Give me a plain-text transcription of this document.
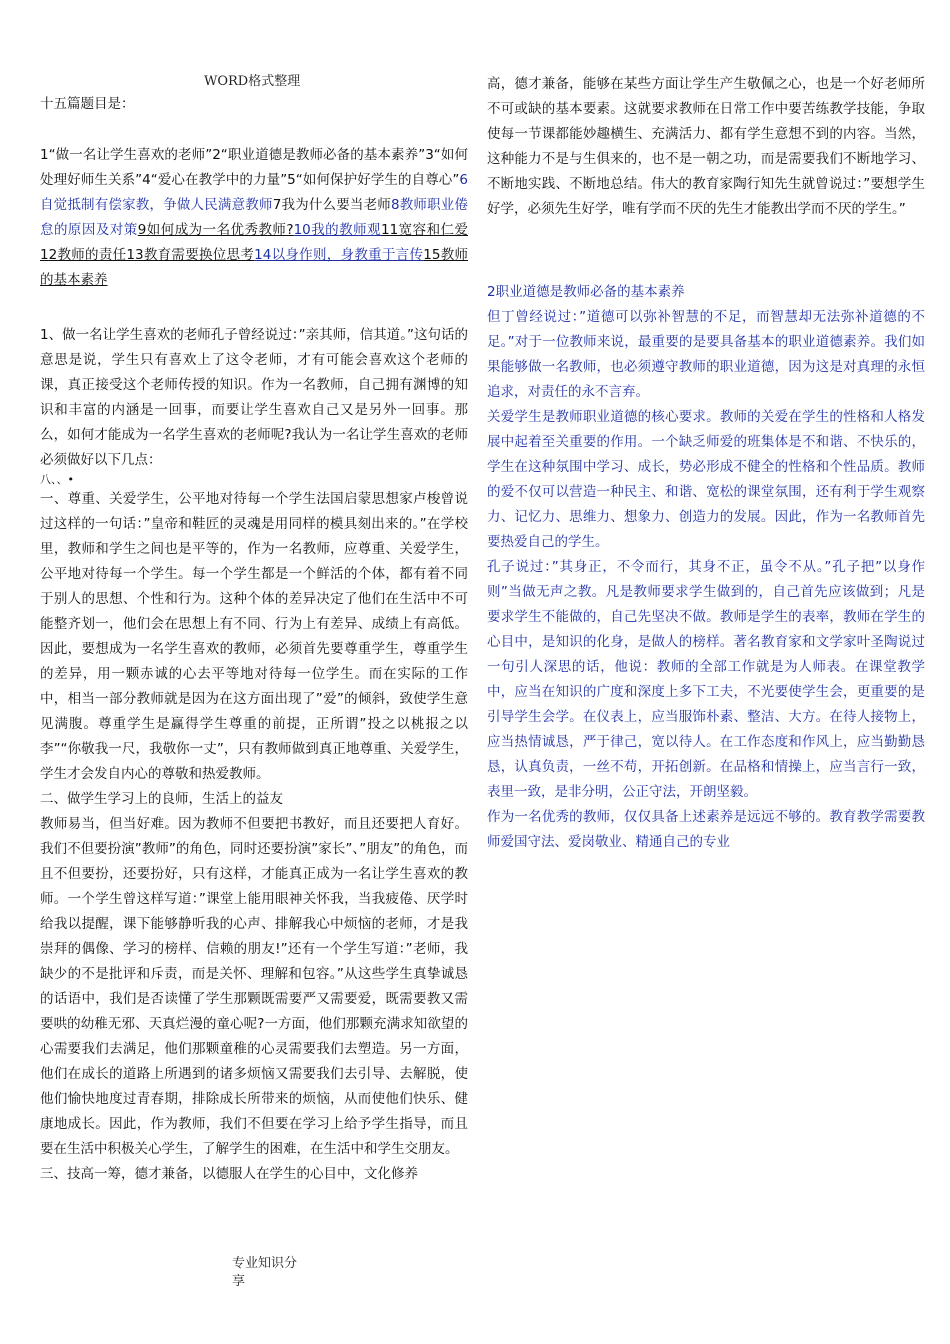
WORD格式整理

十五篇题目是：

1“做一名让学生喜欢的老师”2“职业道德是教师必备的基本素养”3“如何处理好师生关系”4“爱心在教学中的力量”5“如何保护好学生的自尊心”6自觉抵制有偿家教，争做人民满意教师7我为什么要当老师8教师职业倦怠的原因及对策9如何成为一名优秀教师?10我的教师观11宽容和仁爱12教师的责任13教育需要换位思考14以身作则，身教重于言传15教师的基本素养

1、做一名让学生喜欢的老师孔子曾经说过：”亲其师，信其道。”这句话的意思是说，学生只有喜欢上了这令老师，才有可能会喜欢这个老师的课，真正接受这个老师传授的知识。作为一名教师，自己拥有渊博的知识和丰富的内涵是一回事，而要让学生喜欢自己又是另外一回事。那么，如何才能成为一名学生喜欢的老师呢?我认为一名让学生喜欢的老师必须做好以下几点：

八、、•

一、尊重、关爱学生，公平地对待每一个学生法国启蒙思想家卢梭曾说过这样的一句话：”皇帝和鞋匠的灵魂是用同样的模具刻出来的。”在学校里，教师和学生之间也是平等的，作为一名教师，应尊重、关爱学生，公平地对待每一个学生。每一个学生都是一个鲜活的个体，都有着不同于别人的思想、个性和行为。这种个体的差异决定了他们在生活中不可能整齐划一，他们会在思想上有不同、行为上有差异、成绩上有高低。因此，要想成为一名学生喜欢的教师，必须首先要尊重学生，尊重学生的差异，用一颗赤诚的心去平等地对待每一位学生。而在实际的工作中，相当一部分教师就是因为在这方面出现了”爱”的倾斜，致使学生意见满腹。尊重学生是赢得学生尊重的前提，正所谓”投之以桃报之以李”“你敬我一尺，我敬你一丈”，只有教师做到真正地尊重、关爱学生，学生才会发自内心的尊敬和热爱教师。

二、做学生学习上的良师，生活上的益友

教师易当，但当好难。因为教师不但要把书教好，而且还要把人育好。我们不但要扮演”教师”的角色，同时还要扮演”家长”、”朋友”的角色，而且不但要扮，还要扮好，只有这样，才能真正成为一名让学生喜欢的教师。一个学生曾这样写道：”课堂上能用眼神关怀我，当我疲倦、厌学时给我以提醒，课下能够静听我的心声、排解我心中烦恼的老师，才是我崇拜的偶像、学习的榜样、信赖的朋友!”还有一个学生写道：”老师，我缺少的不是批评和斥责，而是关怀、理解和包容。”从这些学生真挚诚恳的话语中，我们是否读懂了学生那颗既需要严又需要爱，既需要教又需要哄的幼稚无邪、天真烂漫的童心呢?一方面，他们那颗充满求知欲望的心需要我们去满足，他们那颗童稚的心灵需要我们去塑造。另一方面，他们在成长的道路上所遇到的诸多烦恼又需要我们去引导、去解脱，使他们愉快地度过青春期，排除成长所带来的烦恼，从而使他们快乐、健康地成长。因此，作为教师，我们不但要在学习上给予学生指导，而且要在生活中积极关心学生，了解学生的困难，在生活中和学生交朋友。

三、技高一筹，德才兼备，以德服人在学生的心目中，文化修养

高，德才兼备，能够在某些方面让学生产生敬佩之心，也是一个好老师所不可或缺的基本要素。这就要求教师在日常工作中要苦练教学技能，争取使每一节课都能妙趣横生、充满活力、都有学生意想不到的内容。当然，这种能力不是与生俱来的，也不是一朝之功，而是需要我们不断地学习、不断地实践、不断地总结。伟大的教育家陶行知先生就曾说过：”要想学生好学，必须先生好学，唯有学而不厌的先生才能教出学而不厌的学生。”

2职业道德是教师必备的基本素养

但丁曾经说过：”道德可以弥补智慧的不足，而智慧却无法弥补道德的不足。”对于一位教师来说，最重要的是要具备基本的职业道德素养。我们如果能够做一名教师，也必须遵守教师的职业道德，因为这是对真理的永恒追求，对责任的永不言弃。

关爱学生是教师职业道德的核心要求。教师的关爱在学生的性格和人格发展中起着至关重要的作用。一个缺乏师爱的班集体是不和谐、不快乐的，学生在这种氛围中学习、成长，势必形成不健全的性格和个性品质。教师的爱不仅可以营造一种民主、和谐、宽松的课堂氛围，还有利于学生观察力、记忆力、思维力、想象力、创造力的发展。因此，作为一名教师首先要热爱自己的学生。

孔子说过：”其身正，不令而行，其身不正，虽令不从。”孔子把”以身作则”当做无声之教。凡是教师要求学生做到的，自己首先应该做到；凡是要求学生不能做的，自己先坚决不做。教师是学生的表率，教师在学生的心目中，是知识的化身，是做人的榜样。著名教育家和文学家叶圣陶说过一句引人深思的话，他说：教师的全部工作就是为人师表。在课堂教学中，应当在知识的广度和深度上多下工夫，不光要使学生会，更重要的是引导学生会学。在仪表上，应当服饰朴素、整洁、大方。在待人接物上，应当热情诚恳，严于律己，宽以待人。在工作态度和作风上，应当勤勤恳恳，认真负责，一丝不苟，开拓创新。在品格和情操上，应当言行一致，表里一致，是非分明，公正守法，开朗坚毅。

作为一名优秀的教师，仅仅具备上述素养是远远不够的。教育教学需要教师爱国守法、爱岗敬业、精通自己的专业

专业知识分享
